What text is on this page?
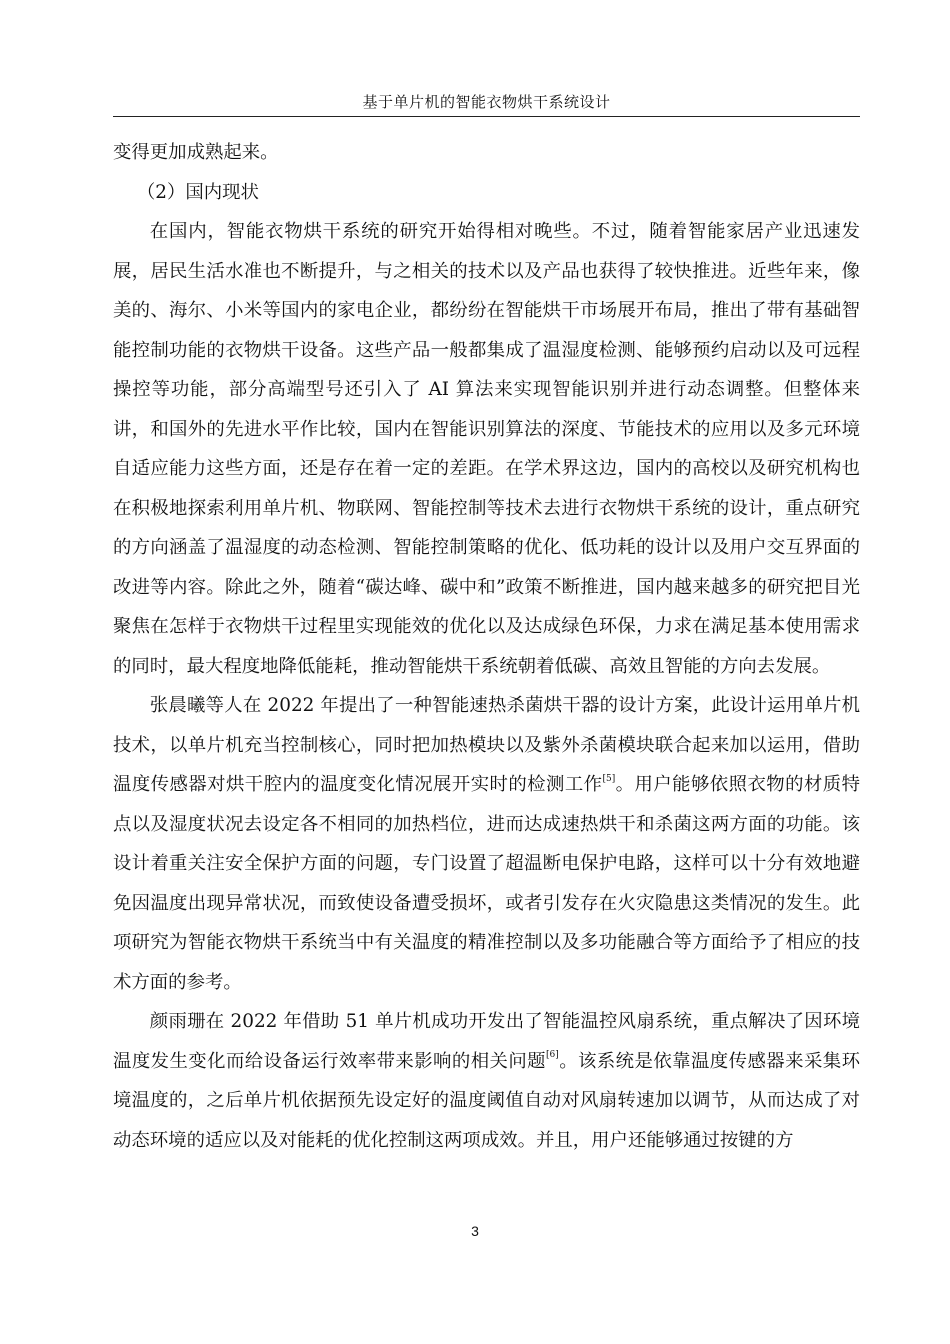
基于单片机的智能衣物烘干系统设计

变得更加成熟起来。

（2）国内现状

在国内，智能衣物烘干系统的研究开始得相对晚些。不过，随着智能家居产业迅速发展，居民生活水准也不断提升，与之相关的技术以及产品也获得了较快推进。近些年来，像美的、海尔、小米等国内的家电企业，都纷纷在智能烘干市场展开布局，推出了带有基础智能控制功能的衣物烘干设备。这些产品一般都集成了温湿度检测、能够预约启动以及可远程操控等功能，部分高端型号还引入了 AI 算法来实现智能识别并进行动态调整。但整体来讲，和国外的先进水平作比较，国内在智能识别算法的深度、节能技术的应用以及多元环境自适应能力这些方面，还是存在着一定的差距。在学术界这边，国内的高校以及研究机构也在积极地探索利用单片机、物联网、智能控制等技术去进行衣物烘干系统的设计，重点研究的方向涵盖了温湿度的动态检测、智能控制策略的优化、低功耗的设计以及用户交互界面的改进等内容。除此之外，随着“碳达峰、碳中和”政策不断推进，国内越来越多的研究把目光聚焦在怎样于衣物烘干过程里实现能效的优化以及达成绿色环保，力求在满足基本使用需求的同时，最大程度地降低能耗，推动智能烘干系统朝着低碳、高效且智能的方向去发展。

张晨曦等人在 2022 年提出了一种智能速热杀菌烘干器的设计方案，此设计运用单片机技术，以单片机充当控制核心，同时把加热模块以及紫外杀菌模块联合起来加以运用，借助温度传感器对烘干腔内的温度变化情况展开实时的检测工作[5]。用户能够依照衣物的材质特点以及湿度状况去设定各不相同的加热档位，进而达成速热烘干和杀菌这两方面的功能。该设计着重关注安全保护方面的问题，专门设置了超温断电保护电路，这样可以十分有效地避免因温度出现异常状况，而致使设备遭受损坏，或者引发存在火灾隐患这类情况的发生。此项研究为智能衣物烘干系统当中有关温度的精准控制以及多功能融合等方面给予了相应的技术方面的参考。

颜雨珊在 2022 年借助 51 单片机成功开发出了智能温控风扇系统，重点解决了因环境温度发生变化而给设备运行效率带来影响的相关问题[6]。该系统是依靠温度传感器来采集环境温度的，之后单片机依据预先设定好的温度阈值自动对风扇转速加以调节，从而达成了对动态环境的适应以及对能耗的优化控制这两项成效。并且，用户还能够通过按键的方

3
